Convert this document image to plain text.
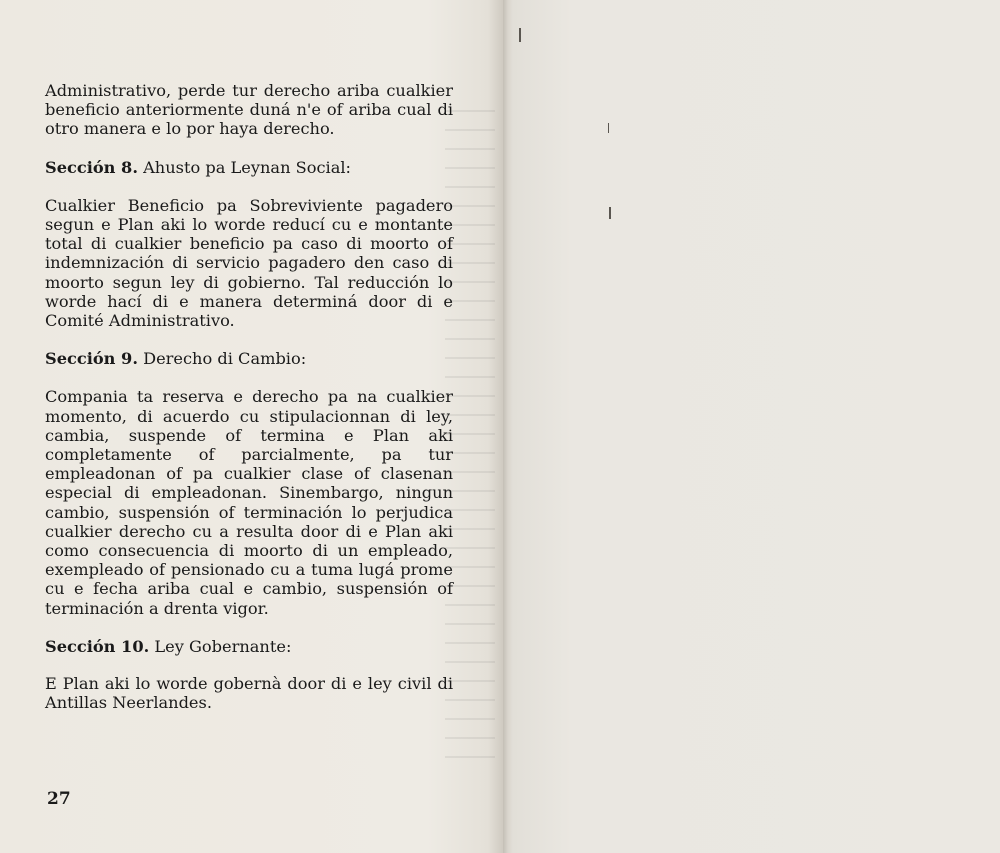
Administrativo, perde tur derecho ariba cualkier beneficio anteriormente duná n'e of ariba cual di otro manera e lo por haya derecho.

Sección 8. Ahusto pa Leynan Social:

Cualkier Beneficio pa Sobreviviente pagadero segun e Plan aki lo worde reducí cu e montante total di cualkier beneficio pa caso di moorto of indemnización di servicio pagadero den caso di moorto segun ley di gobierno. Tal reducción lo worde hací di e manera determiná door di e Comité Administrativo.

Sección 9. Derecho di Cambio:

Compania ta reserva e derecho pa na cualkier momento, di acuerdo cu stipulacionnan di ley, cambia, suspende of termina e Plan aki completamente of parcialmente, pa tur empleadonan of pa cualkier clase of clasenan especial di empleadonan. Sinembargo, ningun cambio, suspensión of terminación lo perjudica cualkier derecho cu a resulta door di e Plan aki como consecuencia di moorto di un empleado, exempleado of pensionado cu a tuma lugá prome cu e fecha ariba cual e cambio, suspensión of terminación a drenta vigor.

Sección 10. Ley Gobernante:

E Plan aki lo worde gobernà door di e ley civil di Antillas Neerlandes.

27
